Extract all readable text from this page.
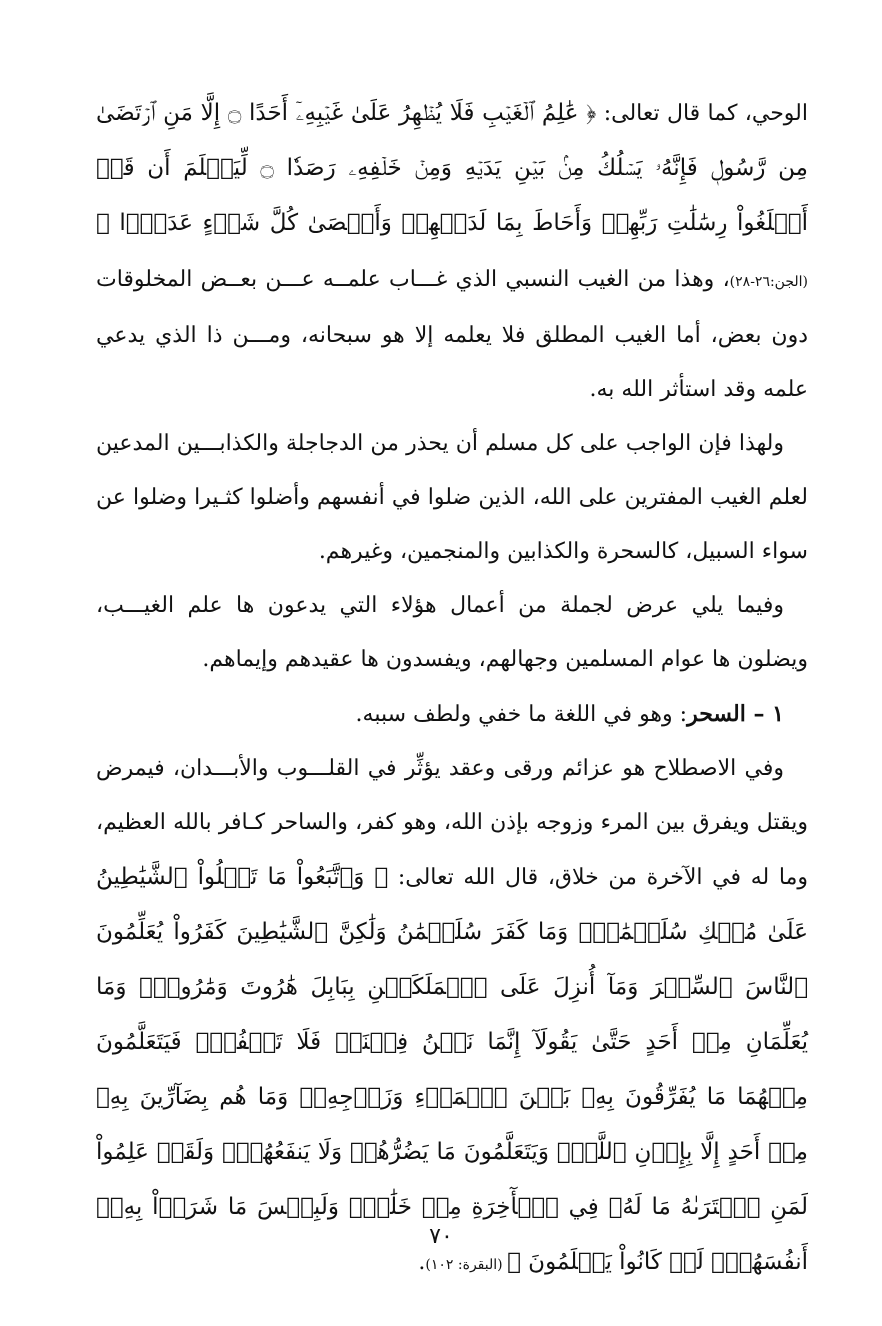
الوحي، كما قال تعالى: ﴿ عَٰلِمُ ٱلۡغَيۡبِ فَلَا يُظۡهِرُ عَلَىٰ غَيۡبِهِۦٓ أَحَدًا ۝ إِلَّا مَنِ ٱرۡتَضَىٰ مِن رَّسُولٖ فَإِنَّهُۥ يَسۡلُكُ مِنۢ بَيۡنِ يَدَيۡهِ وَمِنۡ خَلۡفِهِۦ رَصَدٗا ۝ لِّيَعۡلَمَ أَن قَدۡ أَبۡلَغُواْ رِسَٰلَٰتِ رَبِّهِمۡ وَأَحَاطَ بِمَا لَدَيۡهِمۡ وَأَحۡصَىٰ كُلَّ شَيۡءٍ عَدَدَۢا ﴾ (الجن:٢٦-٢٨)، وهذا من الغيب النسبي الذي غـــاب علمــه عـــن بعــض المخلوقات دون بعض، أما الغيب المطلق فلا يعلمه إلا هو سبحانه، ومـــن ذا الذي يدعي علمه وقد استأثر الله به.

ولهذا فإن الواجب على كل مسلم أن يحذر من الدجاجلة والكذابـــين المدعين لعلم الغيب المفترين على الله، الذين ضلوا في أنفسهم وأضلوا كثـيرا وضلوا عن سواء السبيل، كالسحرة والكذابين والمنجمين، وغيرهم.

وفيما يلي عرض لجملة من أعمال هؤلاء التي يدعون ها علم الغيـــب، ويضلون ها عوام المسلمين وجهالهم، ويفسدون ها عقيدهم وإيماهم.

١ – السحر: وهو في اللغة ما خفي ولطف سببه.

وفي الاصطلاح هو عزائم ورقى وعقد يؤثِّر في القلـــوب والأبـــدان، فيمرض ويقتل ويفرق بين المرء وزوجه بإذن الله، وهو كفر، والساحر كـافر بالله العظيم، وما له في الآخرة من خلاق، قال الله تعالى: ﴿ وَٱتَّبَعُواْ مَا تَتۡلُواْ ٱلشَّيَٰطِينُ عَلَىٰ مُلۡكِ سُلَيۡمَٰنَۖ وَمَا كَفَرَ سُلَيۡمَٰنُ وَلَٰكِنَّ ٱلشَّيَٰطِينَ كَفَرُواْ يُعَلِّمُونَ ٱلنَّاسَ ٱلسِّحۡرَ وَمَآ أُنزِلَ عَلَى ٱلۡمَلَكَيۡنِ بِبَابِلَ هَٰرُوتَ وَمَٰرُوتَۚ وَمَا يُعَلِّمَانِ مِنۡ أَحَدٍ حَتَّىٰ يَقُولَآ إِنَّمَا نَحۡنُ فِتۡنَةٞ فَلَا تَكۡفُرۡۖ فَيَتَعَلَّمُونَ مِنۡهُمَا مَا يُفَرِّقُونَ بِهِۦ بَيۡنَ ٱلۡمَرۡءِ وَزَوۡجِهِۦۚ وَمَا هُم بِضَآرِّينَ بِهِۦ مِنۡ أَحَدٍ إِلَّا بِإِذۡنِ ٱللَّهِۚ وَيَتَعَلَّمُونَ مَا يَضُرُّهُمۡ وَلَا يَنفَعُهُمۡۚ وَلَقَدۡ عَلِمُواْ لَمَنِ ٱشۡتَرَىٰهُ مَا لَهُۥ فِي ٱلۡأٓخِرَةِ مِنۡ خَلَٰقٖۚ وَلَبِئۡسَ مَا شَرَوۡاْ بِهِۦٓ أَنفُسَهُمۡۚ لَوۡ كَانُواْ يَعۡلَمُونَ ﴾ (البقرة: ١٠٢).

٧٠
